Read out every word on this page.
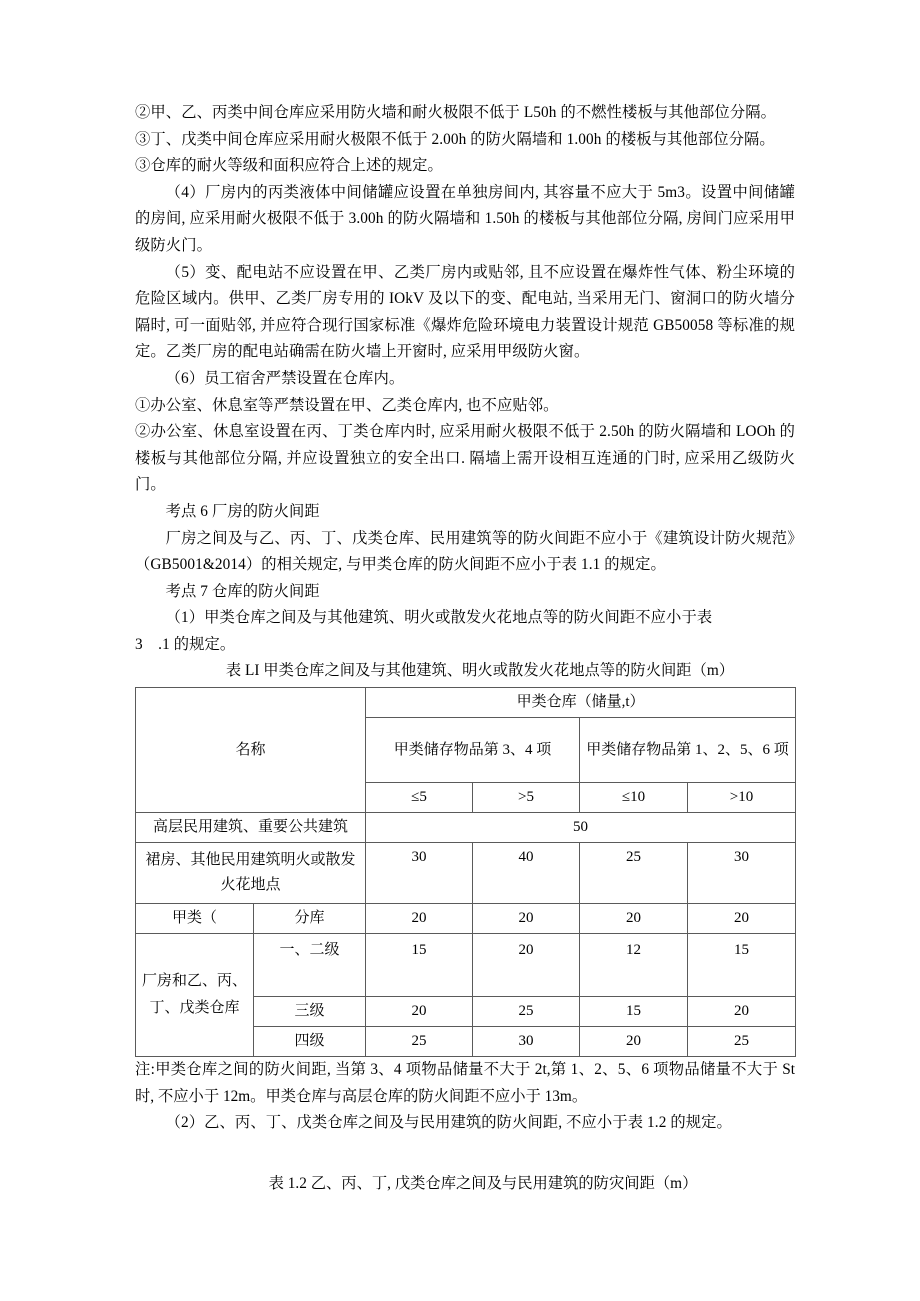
②甲、乙、丙类中间仓库应采用防火墙和耐火极限不低于 L50h 的不燃性楼板与其他部位分隔。

③丁、戊类中间仓库应采用耐火极限不低于 2.00h 的防火隔墙和 1.00h 的楼板与其他部位分隔。

③仓库的耐火等级和面积应符合上述的规定。

（4）厂房内的丙类液体中间储罐应设置在单独房间内, 其容量不应大于 5m3。设置中间储罐的房间, 应采用耐火极限不低于 3.00h 的防火隔墙和 1.50h 的楼板与其他部位分隔, 房间门应采用甲级防火门。

（5）变、配电站不应设置在甲、乙类厂房内或贴邻, 且不应设置在爆炸性气体、粉尘环境的危险区域内。供甲、乙类厂房专用的 IOkV 及以下的变、配电站, 当采用无门、窗洞口的防火墙分隔时, 可一面贴邻, 并应符合现行国家标准《爆炸危险环境电力装置设计规范 GB50058 等标准的规定。乙类厂房的配电站确需在防火墙上开窗时, 应采用甲级防火窗。

（6）员工宿舍严禁设置在仓库内。

①办公室、休息室等严禁设置在甲、乙类仓库内, 也不应贴邻。

②办公室、休息室设置在丙、丁类仓库内时, 应采用耐火极限不低于 2.50h 的防火隔墙和 LOOh 的楼板与其他部位分隔, 并应设置独立的安全出口. 隔墙上需开设相互连通的门时, 应采用乙级防火门。

考点 6 厂房的防火间距

厂房之间及与乙、丙、丁、戊类仓库、民用建筑等的防火间距不应小于《建筑设计防火规范》（GB5001&2014）的相关规定, 与甲类仓库的防火间距不应小于表 1.1 的规定。

考点 7 仓库的防火间距

（1）甲类仓库之间及与其他建筑、明火或散发火花地点等的防火间距不应小于表

3　.1 的规定。

表 LI 甲类仓库之间及与其他建筑、明火或散发火花地点等的防火间距（m）

名称		甲类仓库（储量,t）			
		甲类储存物品第 3、4 项		甲类储存物品第 1、2、5、6 项	
		≤5	>5	≤10	>10
高层民用建筑、重要公共建筑		50			
裙房、其他民用建筑明火或散发火花地点		30	40	25	30
甲类（	分库	20	20	20	20
厂房和乙、丙、丁、戊类仓库	一、二级	15	20	12	15
	三级	20	25	15	20
	四级	25	30	20	25

注:甲类仓库之间的防火间距, 当第 3、4 项物品储量不大于 2t,第 1、2、5、6 项物品储量不大于 St 时, 不应小于 12m。甲类仓库与高层仓库的防火间距不应小于 13m。

（2）乙、丙、丁、戊类仓库之间及与民用建筑的防火间距, 不应小于表 1.2 的规定。

表 1.2 乙、丙、丁, 戊类仓库之间及与民用建筑的防灾间距（m）
